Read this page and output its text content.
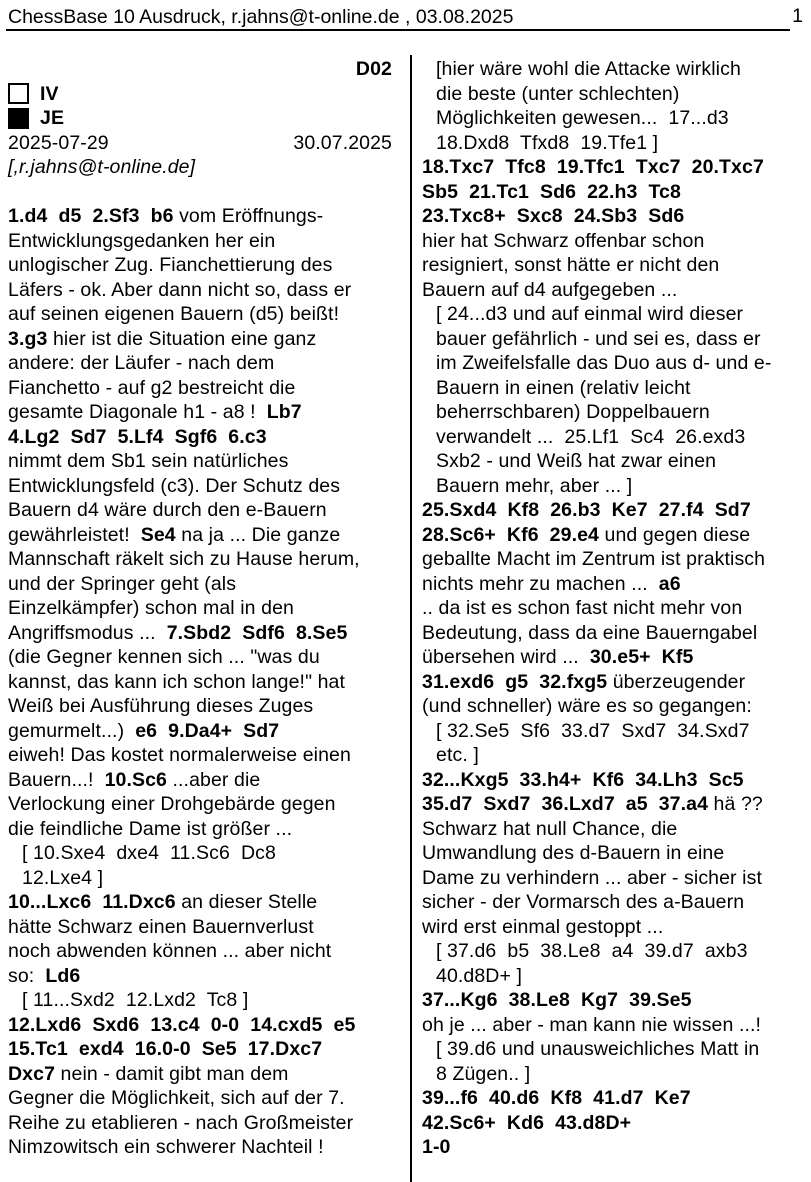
ChessBase 10 Ausdruck, r.jahns@t-online.de , 03.08.2025	1
D02
IV
JE
2025-07-29	30.07.2025
[,r.jahns@t-online.de]
1.d4  d5  2.Sf3  b6 vom Eröffnungs-
Entwicklungsgedanken her ein
unlogischer Zug. Fianchettierung des
Läfers - ok. Aber dann nicht so, dass er
auf seinen eigenen Bauern (d5) beißt!
3.g3 hier ist die Situation eine ganz
andere: der Läufer - nach dem
Fianchetto - auf g2 bestreicht die
gesamte Diagonale h1 - a8 !  Lb7
4.Lg2  Sd7  5.Lf4  Sgf6  6.c3
nimmt dem Sb1 sein natürliches
Entwicklungsfeld (c3). Der Schutz des
Bauern d4 wäre durch den e-Bauern
gewährleistet!  Se4 na ja ... Die ganze
Mannschaft räkelt sich zu Hause herum,
und der Springer geht (als
Einzelkämpfer) schon mal in den
Angriffsmodus ...  7.Sbd2  Sdf6  8.Se5
(die Gegner kennen sich ... "was du
kannst, das kann ich schon lange!" hat
Weiß bei Ausführung dieses Zuges
gemurmelt...)  e6  9.Da4+  Sd7
eiweh! Das kostet normalerweise einen
Bauern...!  10.Sc6 ...aber die
Verlockung einer Drohgebärde gegen
die feindliche Dame ist größer ...
[ 10.Sxe4  dxe4  11.Sc6  Dc8
12.Lxe4 ]
10...Lxc6  11.Dxc6 an dieser Stelle
hätte Schwarz einen Bauernverlust
noch abwenden können ... aber nicht
so:  Ld6
[ 11...Sxd2  12.Lxd2  Tc8 ]
12.Lxd6  Sxd6  13.c4  0-0  14.cxd5  e5
15.Tc1  exd4  16.0-0  Se5  17.Dxc7
Dxc7 nein - damit gibt man dem
Gegner die Möglichkeit, sich auf der 7.
Reihe zu etablieren - nach Großmeister
Nimzowitsch ein schwerer Nachteil !
[hier wäre wohl die Attacke wirklich
die beste (unter schlechten)
Möglichkeiten gewesen...  17...d3
18.Dxd8  Tfxd8  19.Tfe1 ]
18.Txc7  Tfc8  19.Tfc1  Txc7  20.Txc7
Sb5  21.Tc1  Sd6  22.h3  Tc8
23.Txc8+  Sxc8  24.Sb3  Sd6
hier hat Schwarz offenbar schon
resigniert, sonst hätte er nicht den
Bauern auf d4 aufgegeben ...
[ 24...d3 und auf einmal wird dieser
bauer gefährlich - und sei es, dass er
im Zweifelsfalle das Duo aus d- und e-
Bauern in einen (relativ leicht
beherrschbaren) Doppelbauern
verwandelt ...  25.Lf1  Sc4  26.exd3
Sxb2 - und Weiß hat zwar einen
Bauern mehr, aber ... ]
25.Sxd4  Kf8  26.b3  Ke7  27.f4  Sd7
28.Sc6+  Kf6  29.e4 und gegen diese
geballte Macht im Zentrum ist praktisch
nichts mehr zu machen ...  a6
.. da ist es schon fast nicht mehr von
Bedeutung, dass da eine Bauerngabel
übersehen wird ...  30.e5+  Kf5
31.exd6  g5  32.fxg5 überzeugender
(und schneller) wäre es so gegangen:
[ 32.Se5  Sf6  33.d7  Sxd7  34.Sxd7
etc. ]
32...Kxg5  33.h4+  Kf6  34.Lh3  Sc5
35.d7  Sxd7  36.Lxd7  a5  37.a4 hä ??
Schwarz hat null Chance, die
Umwandlung des d-Bauern in eine
Dame zu verhindern ... aber - sicher ist
sicher - der Vormarsch des a-Bauern
wird erst einmal gestoppt ...
[ 37.d6  b5  38.Le8  a4  39.d7  axb3
40.d8D+ ]
37...Kg6  38.Le8  Kg7  39.Se5
oh je ... aber - man kann nie wissen ...!
[ 39.d6 und unausweichliches Matt in
8 Zügen.. ]
39...f6  40.d6  Kf8  41.d7  Ke7
42.Sc6+  Kd6  43.d8D+
1-0
